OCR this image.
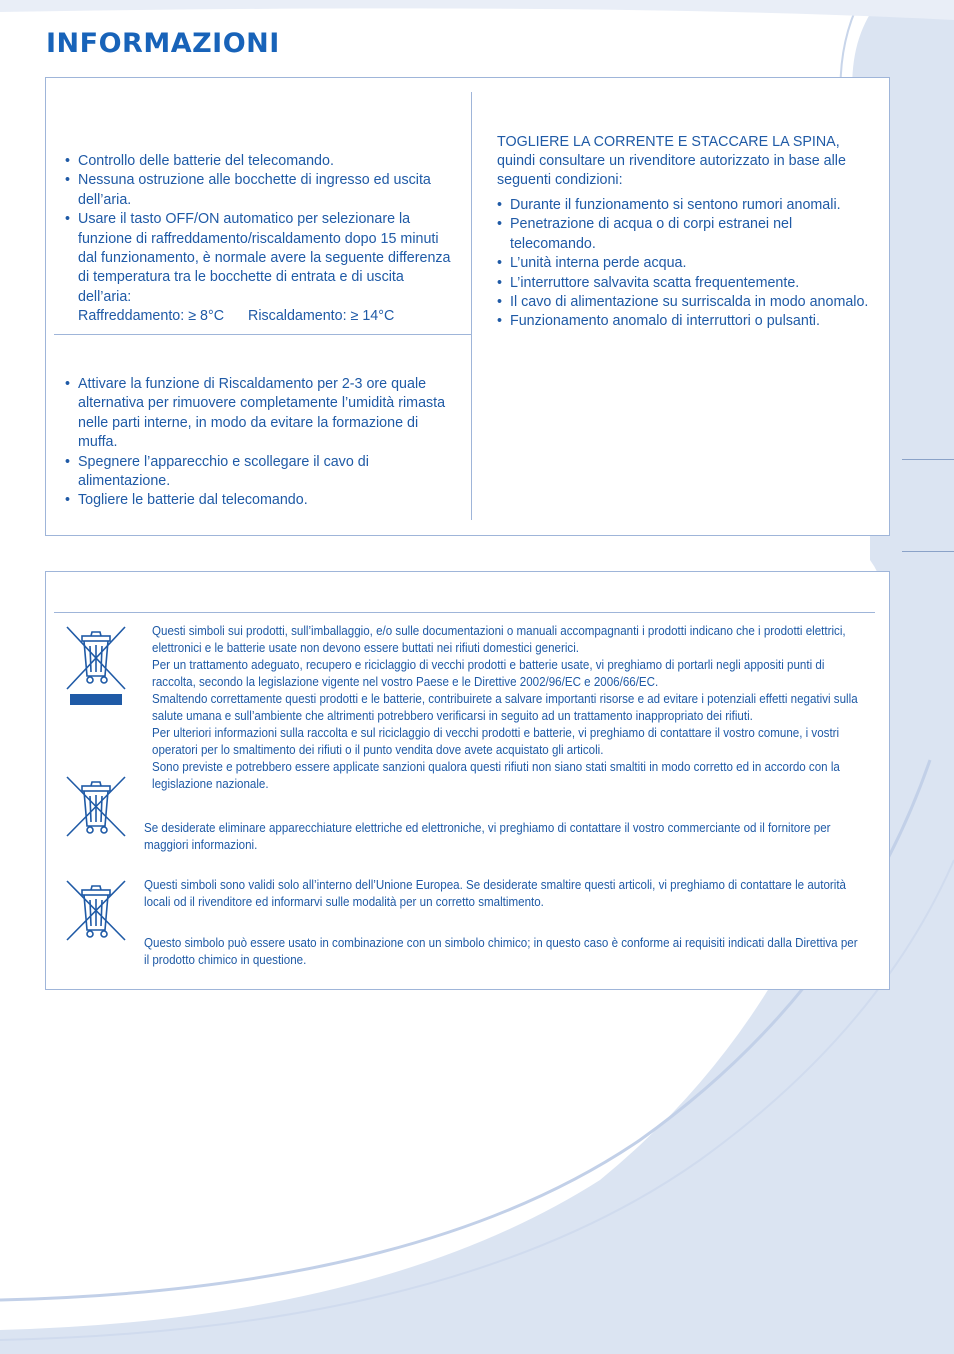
INFORMAZIONI
• Controllo delle batterie del telecomando.
• Nessuna ostruzione alle bocchette di ingresso ed uscita dell’aria.
• Usare il tasto OFF/ON automatico per selezionare la funzione di raffreddamento/riscaldamento dopo 15 minuti dal funzionamento, è normale avere la seguente differenza di temperatura tra le bocchette di entrata e di uscita dell’aria:
Raffreddamento: ≥ 8°C Riscaldamento: ≥ 14°C
• Attivare la funzione di Riscaldamento per 2-3 ore quale alternativa per rimuovere completamente l’umidità rimasta nelle parti interne, in modo da evitare la formazione di muffa.
• Spegnere l’apparecchio e scollegare il cavo di alimentazione.
• Togliere le batterie dal telecomando.

TOGLIERE LA CORRENTE E STACCARE LA SPINA,

quindi consultare un rivenditore autorizzato in base alle seguenti condizioni:

• Durante il funzionamento si sentono rumori anomali.
• Penetrazione di acqua o di corpi estranei nel telecomando.
• L’unità interna perde acqua.
• L’interruttore salvavita scatta frequentemente.
• Il cavo di alimentazione su surriscalda in modo anomalo.
• Funzionamento anomalo di interruttori o pulsanti.
Questi simboli sui prodotti, sull’imballaggio, e/o sulle documentazioni o manuali accompagnanti i prodotti indicano che i prodotti elettrici, elettronici e le batterie usate non devono essere buttati nei rifiuti domestici generici.
Per un trattamento adeguato, recupero e riciclaggio di vecchi prodotti e batterie usate, vi preghiamo di portarli negli appositi punti di raccolta, secondo la legislazione vigente nel vostro Paese e le Direttive 2002/96/EC e 2006/66/EC.
Smaltendo correttamente questi prodotti e le batterie, contribuirete a salvare importanti risorse e ad evitare i potenziali effetti negativi sulla salute umana e sull’ambiente che altrimenti potrebbero verificarsi in seguito ad un trattamento inappropriato dei rifiuti.
Per ulteriori informazioni sulla raccolta e sul riciclaggio di vecchi prodotti e batterie, vi preghiamo di contattare il vostro comune, i vostri operatori per lo smaltimento dei rifiuti o il punto vendita dove avete acquistato gli articoli.
Sono previste e potrebbero essere applicate sanzioni qualora questi rifiuti non siano stati smaltiti in modo corretto ed in accordo con la legislazione nazionale.
Se desiderate eliminare apparecchiature elettriche ed elettroniche, vi preghiamo di contattare il vostro commerciante od il fornitore per maggiori informazioni.
Questi simboli sono validi solo all’interno dell’Unione Europea. Se desiderate smaltire questi articoli, vi preghiamo di contattare le autorità locali od il rivenditore ed informarvi sulle modalità per un corretto smaltimento.
Questo simbolo può essere usato in combinazione con un simbolo chimico; in questo caso è conforme ai requisiti indicati dalla Direttiva per il prodotto chimico in questione.
